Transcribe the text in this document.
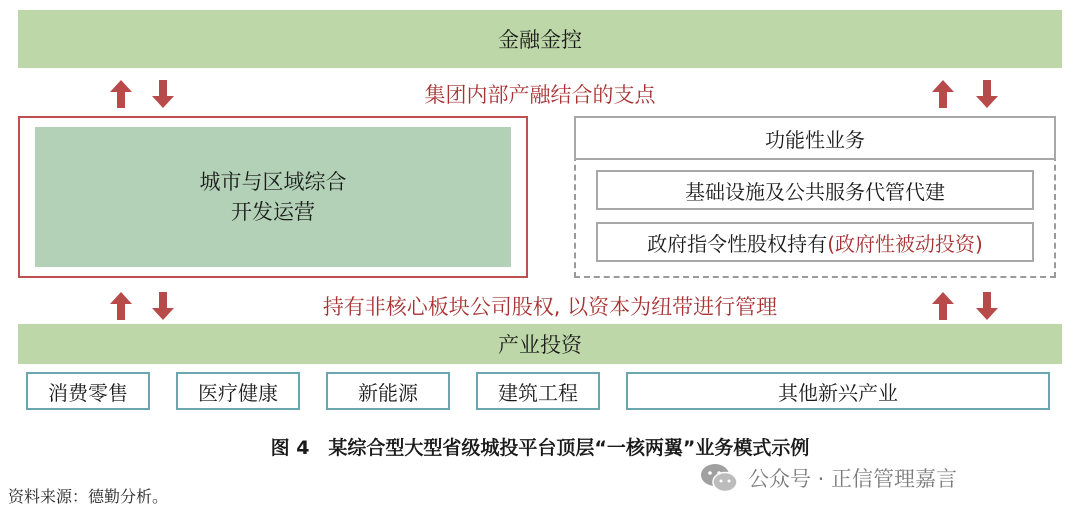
金融金控
集团内部产融结合的支点
城市与区域综合
开发运营
功能性业务
基础设施及公共服务代管代建
政府指令性股权持有 (政府性被动投资)
持有非核心板块公司股权, 以资本为纽带进行管理
产业投资
消费零售	医疗健康	新能源	建筑工程	其他新兴产业
图 4　某综合型大型省级城投平台顶层“一核两翼”业务模式示例
资料来源：德勤分析。
公众号 · 正信管理嘉言
